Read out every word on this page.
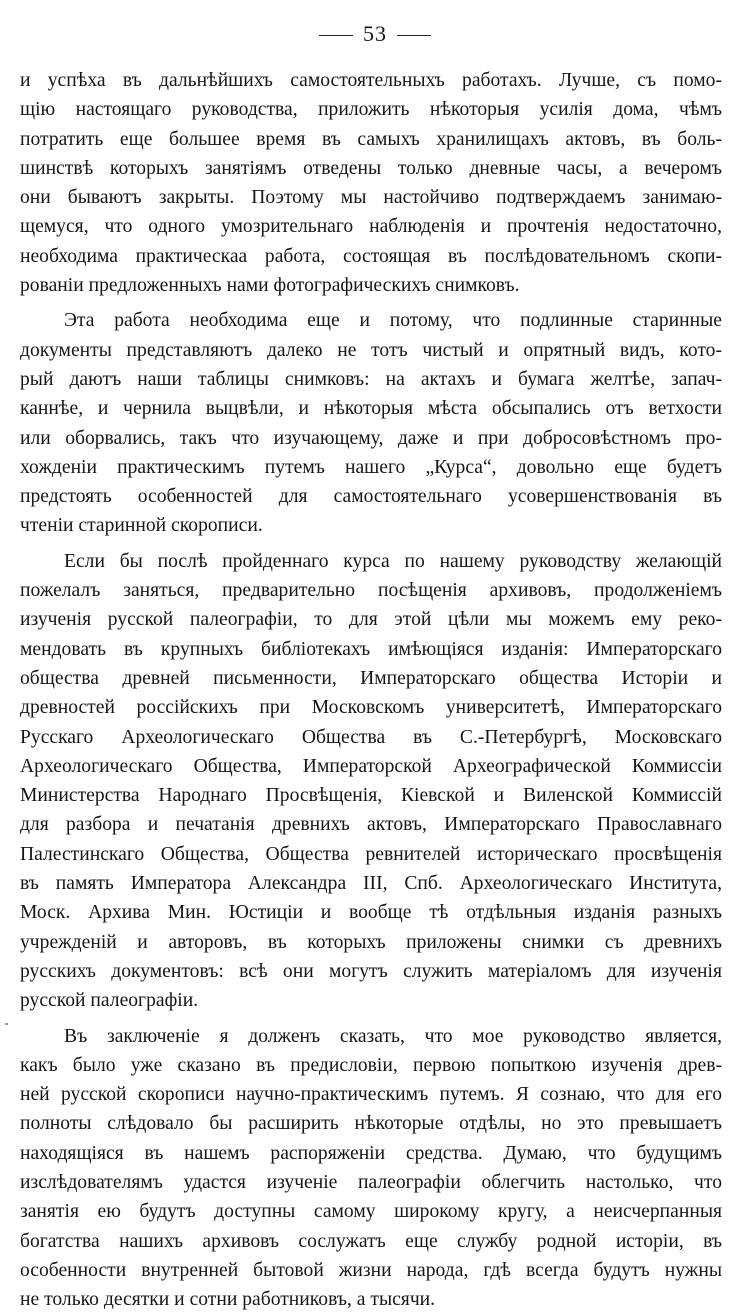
53
и успѣха въ дальнѣйшихъ самостоятельныхъ работахъ. Лучше, съ помо-
щію настоящаго руководства, приложить нѣкоторыя усилія дома, чѣмъ
потратить еще большее время въ самыхъ хранилищахъ актовъ, въ боль-
шинствѣ которыхъ занятіямъ отведены только дневные часы, а вечеромъ
они бываютъ закрыты. Поэтому мы настойчиво подтверждаемъ занимаю-
щемуся, что одного умозрительнаго наблюденія и прочтенія недостаточно,
необходима практическаа работа, состоящая въ послѣдовательномъ скопи-
рованіи предложенныхъ нами фотографическихъ снимковъ.
Эта работа необходима еще и потому, что подлинные старинные
документы представляютъ далеко не тотъ чистый и опрятный видъ, кото-
рый даютъ наши таблицы снимковъ: на актахъ и бумага желтѣе, запач-
каннѣе, и чернила выцвѣли, и нѣкоторыя мѣста обсыпались отъ ветхости
или оборвались, такъ что изучающему, даже и при добросовѣстномъ про-
хожденіи практическимъ путемъ нашего „Курса“, довольно еще будетъ
предстоять особенностей для самостоятельнаго усовершенствованія въ
чтеніи старинной скорописи.
Если бы послѣ пройденнаго курса по нашему руководству желающій
пожелалъ заняться, предварительно посѣщенія архивовъ, продолженіемъ
изученія русской палеографіи, то для этой цѣли мы можемъ ему реко-
мендовать въ крупныхъ библіотекахъ имѣющіяся изданія: Императорскаго
общества древней письменности, Императорскаго общества Исторіи и
древностей россійскихъ при Московскомъ университетѣ, Императорскаго
Русскаго Археологическаго Общества въ С.-Петербургѣ, Московскаго
Археологическаго Общества, Императорской Археографической Коммиссіи
Министерства Народнаго Просвѣщенія, Кіевской и Виленской Коммиссій
для разбора и печатанія древнихъ актовъ, Императорскаго Православнаго
Палестинскаго Общества, Общества ревнителей историческаго просвѣщенія
въ память Императора Александра III, Спб. Археологическаго Института,
Моск. Архива Мин. Юстиціи и вообще тѣ отдѣльныя изданія разныхъ
учрежденій и авторовъ, въ которыхъ приложены снимки съ древнихъ
русскихъ документовъ: всѣ они могутъ служить матеріаломъ для изученія
русской палеографіи.
Въ заключеніе я долженъ сказать, что мое руководство является,
какъ было уже сказано въ предисловіи, первою попыткою изученія древ-
ней русской скорописи научно-практическимъ путемъ. Я сознаю, что для его
полноты слѣдовало бы расширить нѣкоторые отдѣлы, но это превышаетъ
находящіяся въ нашемъ распоряженіи средства. Думаю, что будущимъ
изслѣдователямъ удастся изученіе палеографіи облегчить настолько, что
занятія ею будутъ доступны самому широкому кругу, а неисчерпанныя
богатства нашихъ архивовъ сослужатъ еще службу родной исторіи, въ
особенности внутренней бытовой жизни народа, гдѣ всегда будутъ нужны
не только десятки и сотни работниковъ, а тысячи.
